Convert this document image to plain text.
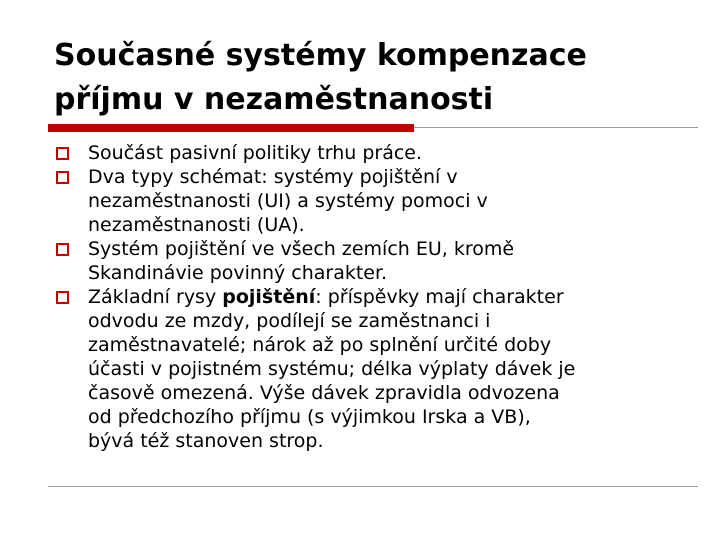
Současné systémy kompenzace
příjmu v nezaměstnanosti
Součást pasivní politiky trhu práce.
Dva typy schémat: systémy pojištění v
nezaměstnanosti (UI) a systémy pomoci v
nezaměstnanosti (UA).
Systém pojištění ve všech zemích EU, kromě
Skandinávie povinný charakter.
Základní rysy pojištění: příspěvky mají charakter
odvodu ze mzdy, podílejí se zaměstnanci i
zaměstnavatelé; nárok až po splnění určité doby
účasti v pojistném systému; délka výplaty dávek je
časově omezená. Výše dávek zpravidla odvozena
od předchozího příjmu (s výjimkou Irska a VB),
bývá též stanoven strop.
